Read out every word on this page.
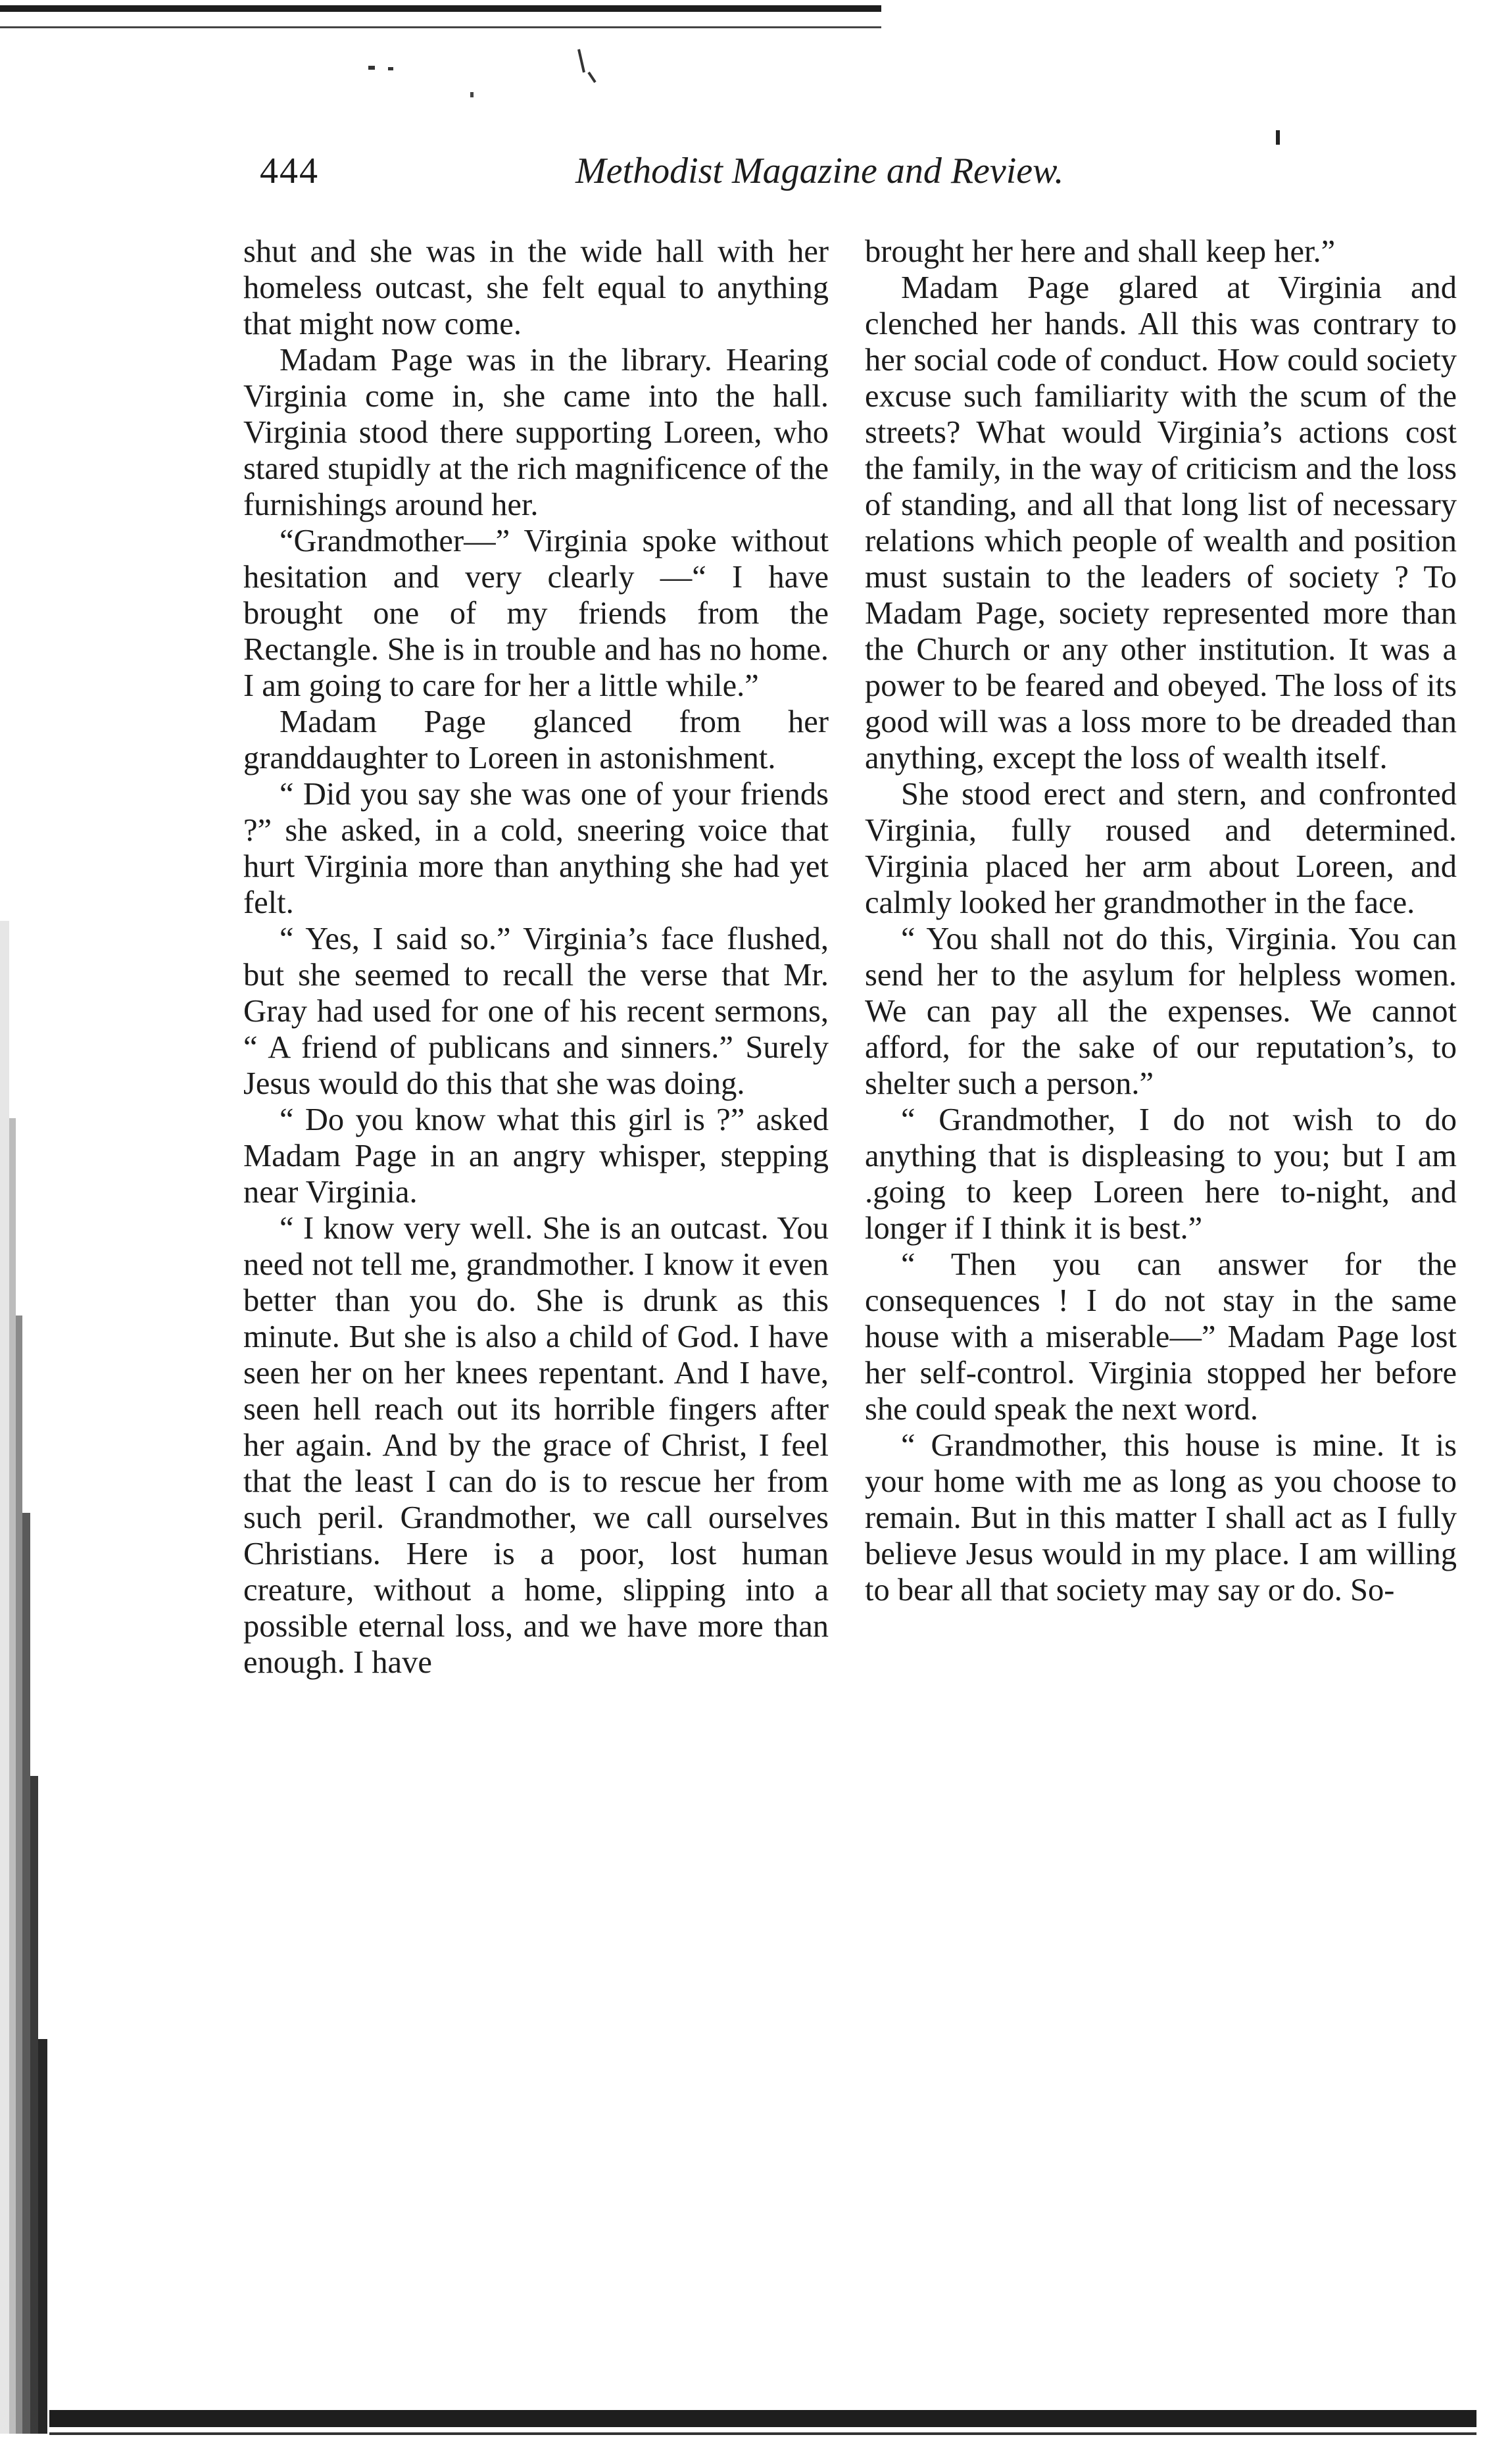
444	Methodist Magazine and Review.

shut and she was in the wide hall with her homeless outcast, she felt equal to anything that might now come.

Madam Page was in the library. Hearing Virginia come in, she came into the hall. Virginia stood there supporting Loreen, who stared stupidly at the rich magnificence of the furnishings around her.

“Grandmother—” Virginia spoke without hesitation and very clearly —“ I have brought one of my friends from the Rectangle. She is in trouble and has no home. I am going to care for her a little while.”

Madam Page glanced from her granddaughter to Loreen in astonishment.

“ Did you say she was one of your friends ?” she asked, in a cold, sneering voice that hurt Virginia more than anything she had yet felt.

“ Yes, I said so.” Virginia’s face flushed, but she seemed to recall the verse that Mr. Gray had used for one of his recent sermons, “ A friend of publicans and sinners.” Surely Jesus would do this that she was doing.

“ Do you know what this girl is ?” asked Madam Page in an angry whisper, stepping near Virginia.

“ I know very well. She is an outcast. You need not tell me, grandmother. I know it even better than you do. She is drunk as this minute. But she is also a child of God. I have seen her on her knees repentant. And I have, seen hell reach out its horrible fingers after her again. And by the grace of Christ, I feel that the least I can do is to rescue her from such peril. Grandmother, we call ourselves Christians. Here is a poor, lost human creature, without a home, slipping into a possible eternal loss, and we have more than enough. I have

brought her here and shall keep her.”

Madam Page glared at Virginia and clenched her hands. All this was contrary to her social code of conduct. How could society excuse such familiarity with the scum of the streets? What would Virginia’s actions cost the family, in the way of criticism and the loss of standing, and all that long list of necessary relations which people of wealth and position must sustain to the leaders of society ? To Madam Page, society represented more than the Church or any other institution. It was a power to be feared and obeyed. The loss of its good will was a loss more to be dreaded than anything, except the loss of wealth itself.

She stood erect and stern, and confronted Virginia, fully roused and determined. Virginia placed her arm about Loreen, and calmly looked her grandmother in the face.

“ You shall not do this, Virginia. You can send her to the asylum for helpless women. We can pay all the expenses. We cannot afford, for the sake of our reputation’s, to shelter such a person.”

“ Grandmother, I do not wish to do anything that is displeasing to you; but I am .going to keep Loreen here to-night, and longer if I think it is best.”

“ Then you can answer for the consequences ! I do not stay in the same house with a miserable—” Madam Page lost her self-control. Virginia stopped her before she could speak the next word.

“ Grandmother, this house is mine. It is your home with me as long as you choose to remain. But in this matter I shall act as I fully believe Jesus would in my place. I am willing to bear all that society may say or do. So-
